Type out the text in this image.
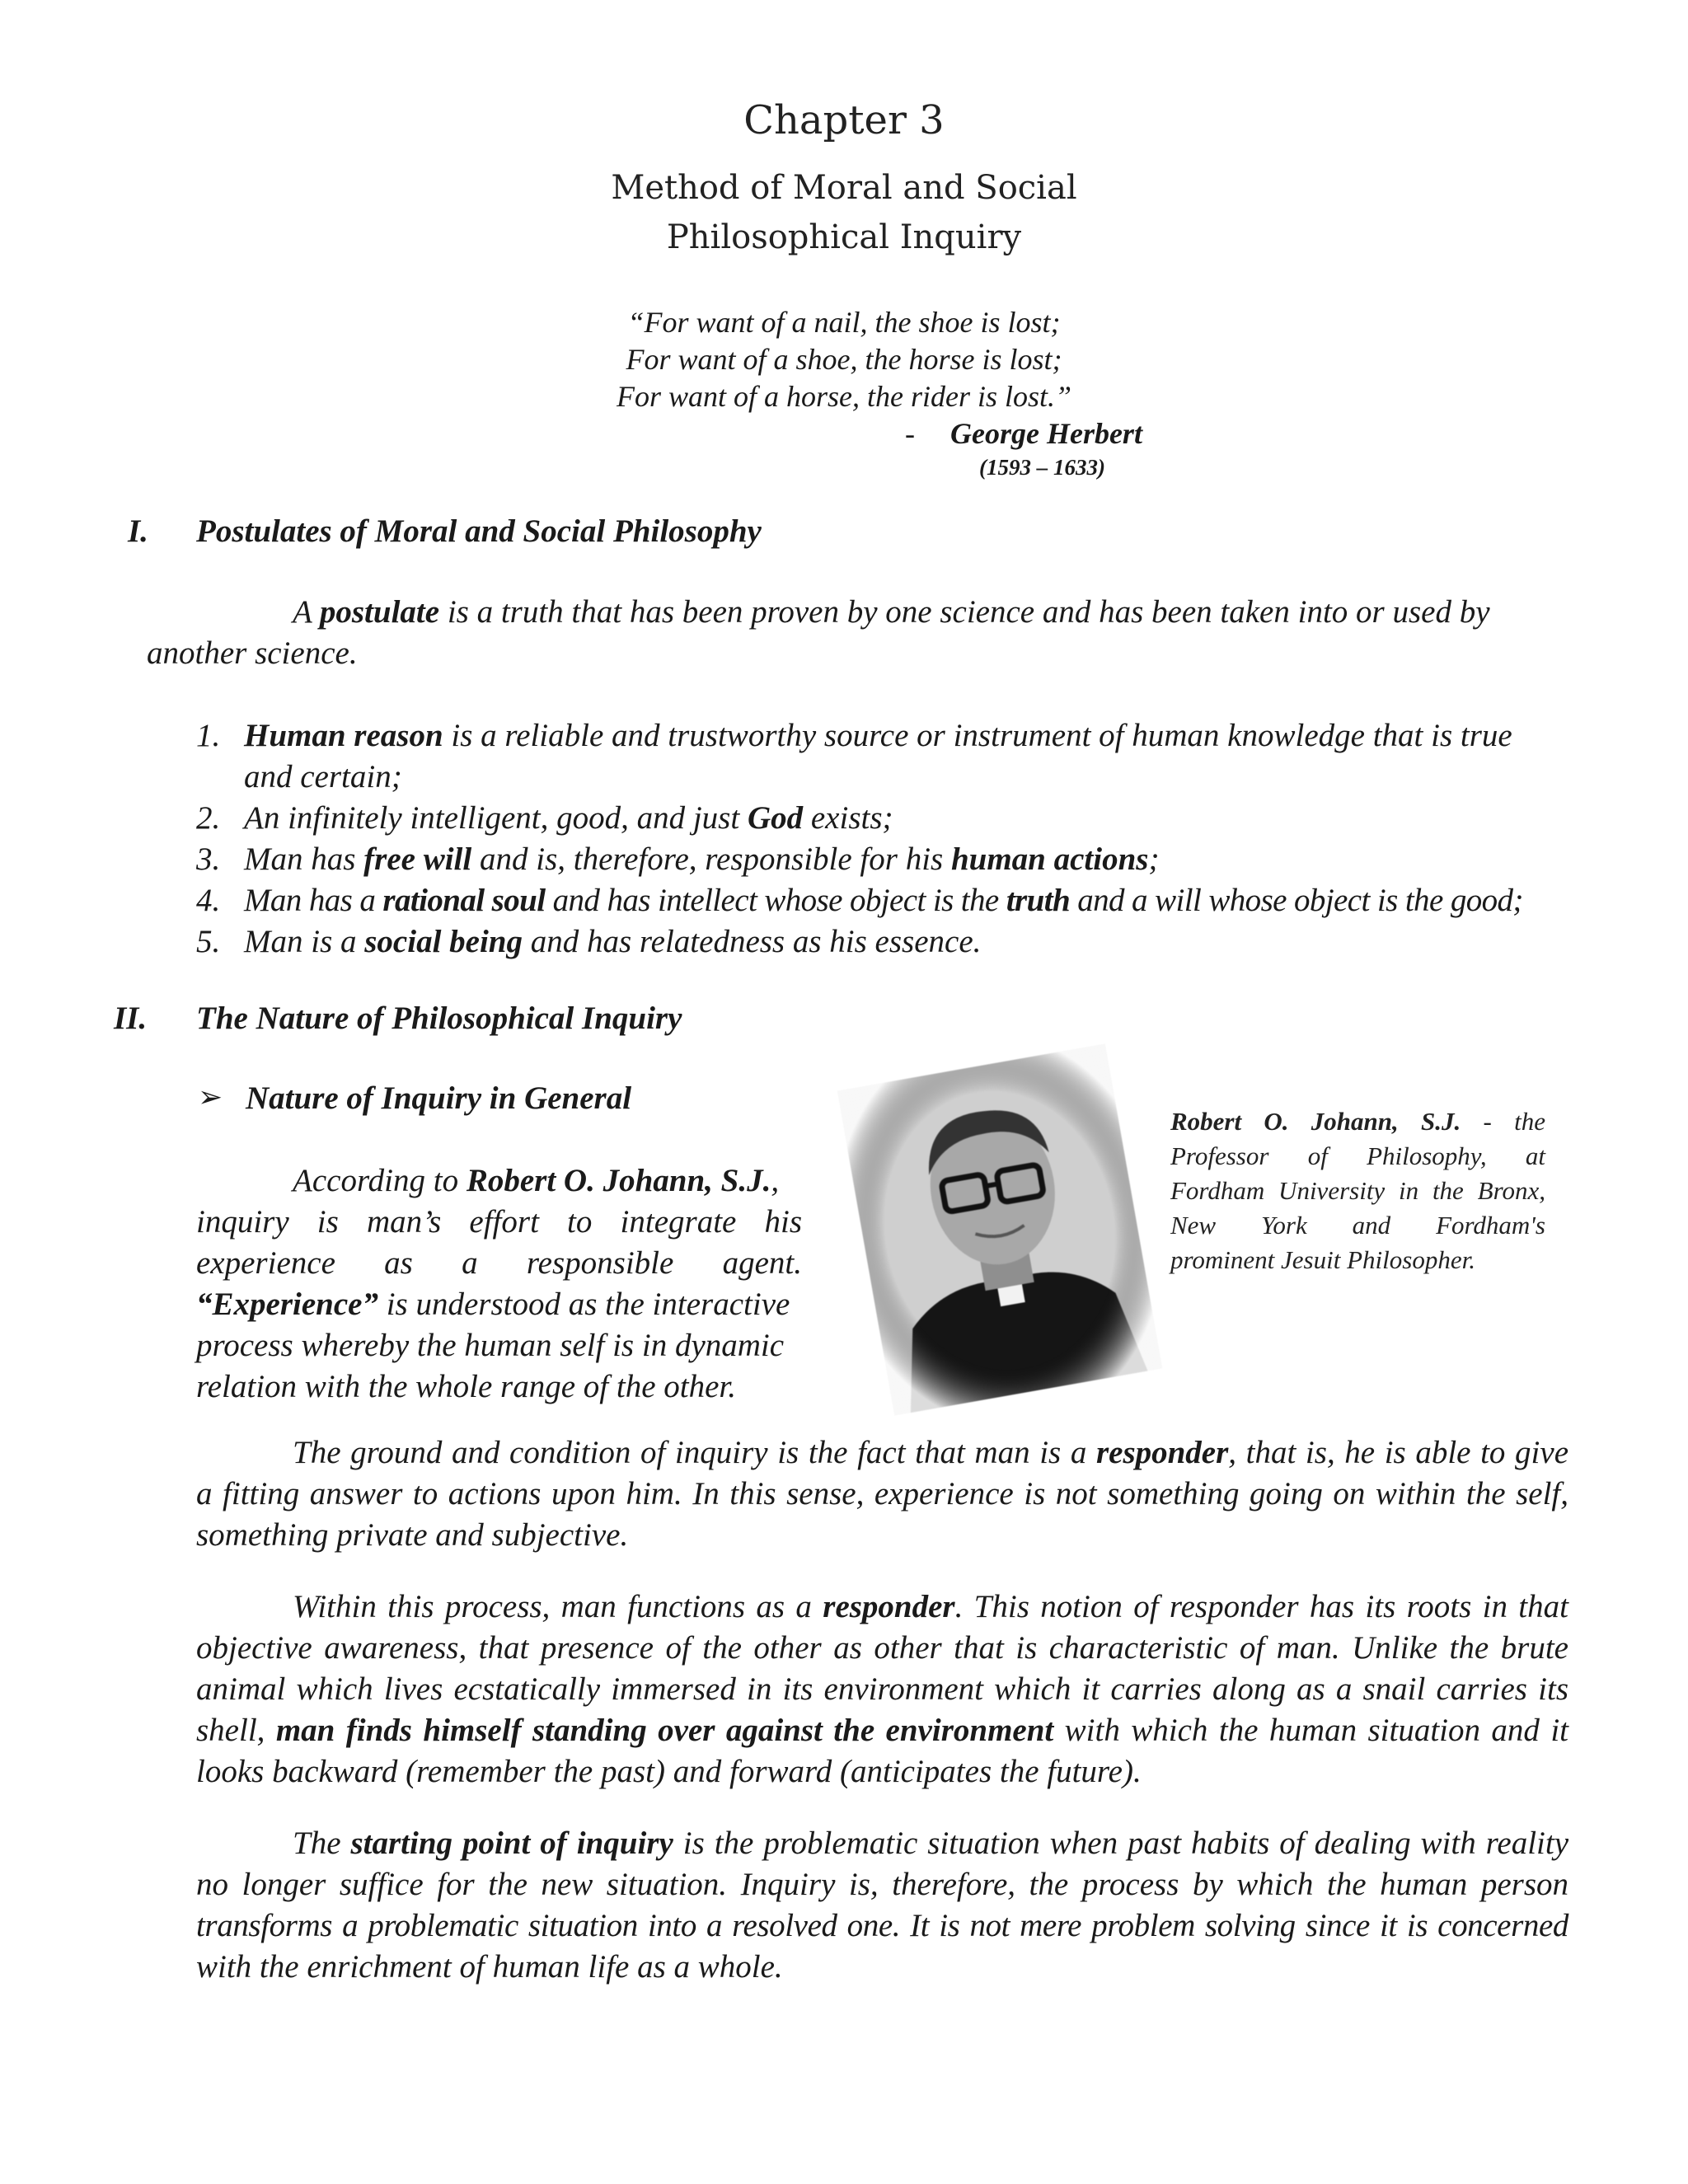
Chapter 3
Method of Moral and Social
Philosophical Inquiry
“For want of a nail, the shoe is lost;
For want of a shoe, the horse is lost;
For want of a horse, the rider is lost.”
- George Herbert
(1593 – 1633)
I. Postulates of Moral and Social Philosophy
A postulate is a truth that has been proven by one science and has been taken into or used by
another science.
1. Human reason is a reliable and trustworthy source or instrument of human knowledge that is true
and certain;
2. An infinitely intelligent, good, and just God exists;
3. Man has free will and is, therefore, responsible for his human actions;
4. Man has a rational soul and has intellect whose object is the truth and a will whose object is the good;
5. Man is a social being and has relatedness as his essence.
II. The Nature of Philosophical Inquiry
➢ Nature of Inquiry in General
According to Robert O. Johann, S.J.,
inquiry is man’s effort to integrate his
experience as a responsible agent.
“Experience” is understood as the interactive
process whereby the human self is in dynamic
relation with the whole range of the other.
Robert O. Johann, S.J. - the
Professor of Philosophy, at
Fordham University in the Bronx,
New York and Fordham's
prominent Jesuit Philosopher.
The ground and condition of inquiry is the fact that man is a responder, that is, he is able to give
a fitting answer to actions upon him. In this sense, experience is not something going on within the self,
something private and subjective.
Within this process, man functions as a responder. This notion of responder has its roots in that
objective awareness, that presence of the other as other that is characteristic of man. Unlike the brute
animal which lives ecstatically immersed in its environment which it carries along as a snail carries its
shell, man finds himself standing over against the environment with which the human situation and it
looks backward (remember the past) and forward (anticipates the future).
The starting point of inquiry is the problematic situation when past habits of dealing with reality
no longer suffice for the new situation. Inquiry is, therefore, the process by which the human person
transforms a problematic situation into a resolved one. It is not mere problem solving since it is concerned
with the enrichment of human life as a whole.
